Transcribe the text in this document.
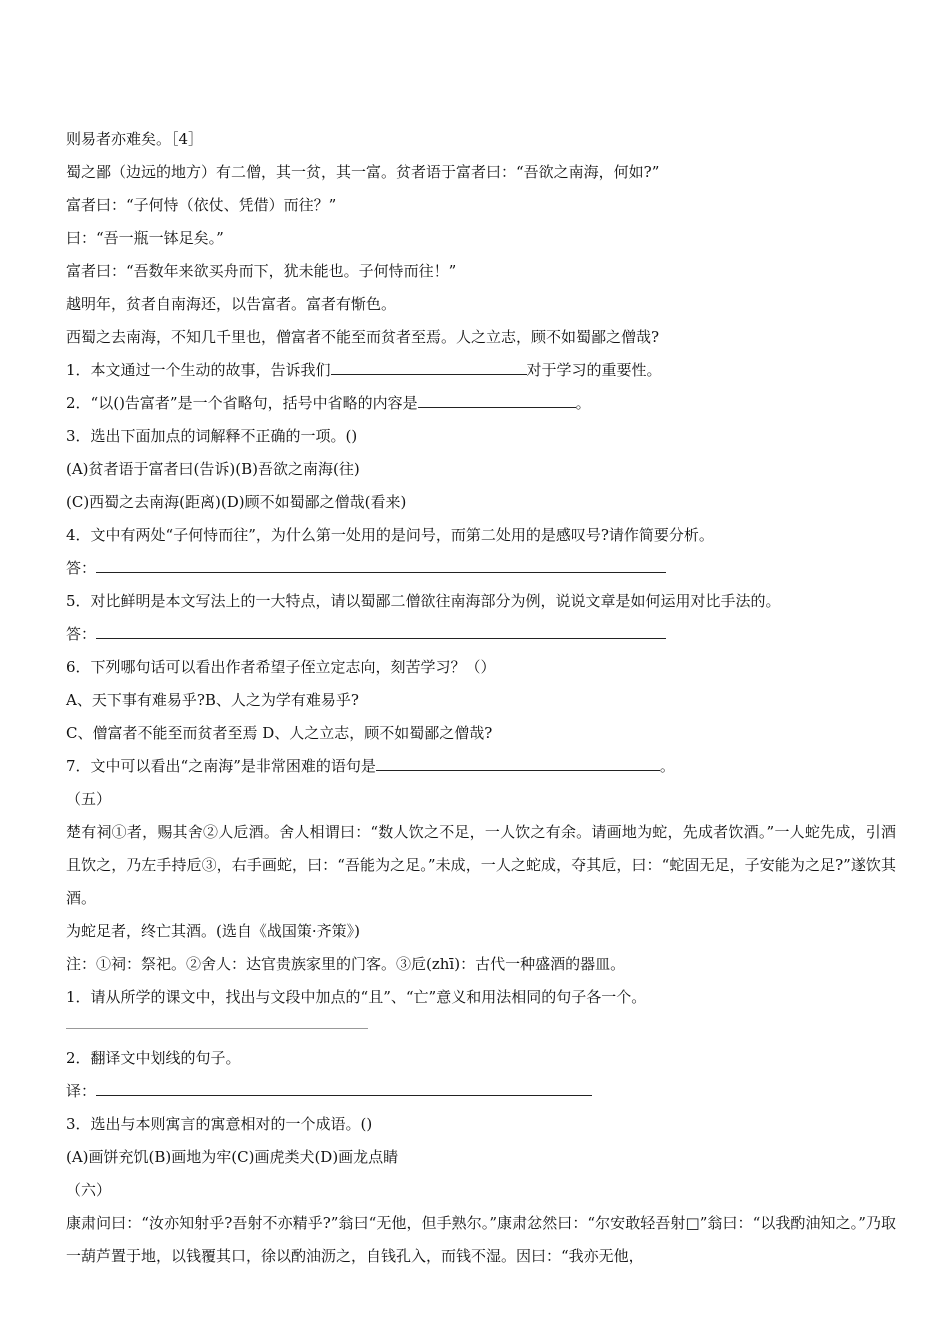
则易者亦难矣。［4］

蜀之鄙（边远的地方）有二僧，其一贫，其一富。贫者语于富者曰：“吾欲之南海，何如?”

富者曰：“子何恃（依仗、凭借）而往？”

曰：“吾一瓶一钵足矣。”

富者曰：“吾数年来欲买舟而下，犹未能也。子何恃而往！”

越明年，贫者自南海还，以告富者。富者有惭色。

西蜀之去南海，不知几千里也，僧富者不能至而贫者至焉。人之立志，顾不如蜀鄙之僧哉?

1．本文通过一个生动的故事，告诉我们	对于学习的重要性。

2．“以()告富者”是一个省略句，括号中省略的内容是	。

3．选出下面加点的词解释不正确的一项。()

(A)贫者语于富者曰(告诉)(B)吾欲之南海(往)

(C)西蜀之去南海(距离)(D)顾不如蜀鄙之僧哉(看来)

4．文中有两处“子何恃而往”，为什么第一处用的是问号，而第二处用的是感叹号?请作简要分析。

答：

5．对比鲜明是本文写法上的一大特点，请以蜀鄙二僧欲往南海部分为例，说说文章是如何运用对比手法的。

答：

6．下列哪句话可以看出作者希望子侄立定志向，刻苦学习？（）

A、天下事有难易乎?B、人之为学有难易乎?

C、僧富者不能至而贫者至焉 D、人之立志，顾不如蜀鄙之僧哉?

7．文中可以看出“之南海”是非常困难的语句是	。

（五）

楚有祠①者，赐其舍②人卮酒。舍人相谓曰：“数人饮之不足，一人饮之有余。请画地为蛇，先成者饮酒。”一人蛇先成，引酒且饮之，乃左手持卮③，右手画蛇，曰：“吾能为之足。”未成，一人之蛇成，夺其卮，曰：“蛇固无足，子安能为之足?”遂饮其酒。

为蛇足者，终亡其酒。(选自《战国策·齐策》)

注：①祠：祭祀。②舍人：达官贵族家里的门客。③卮(zhī)：古代一种盛酒的器皿。

1．请从所学的课文中，找出与文段中加点的“且”、“亡”意义和用法相同的句子各一个。

2．翻译文中划线的句子。

译：

3．选出与本则寓言的寓意相对的一个成语。()

(A)画饼充饥(B)画地为牢(C)画虎类犬(D)画龙点睛

（六）

康肃问曰：“汝亦知射乎?吾射不亦精乎?”翁曰“无他，但手熟尔。”康肃忿然曰：“尔安敢轻吾射□”翁曰：“以我酌油知之。”乃取一葫芦置于地，以钱覆其口，徐以酌油沥之，自钱孔入，而钱不湿。因曰：“我亦无他，
